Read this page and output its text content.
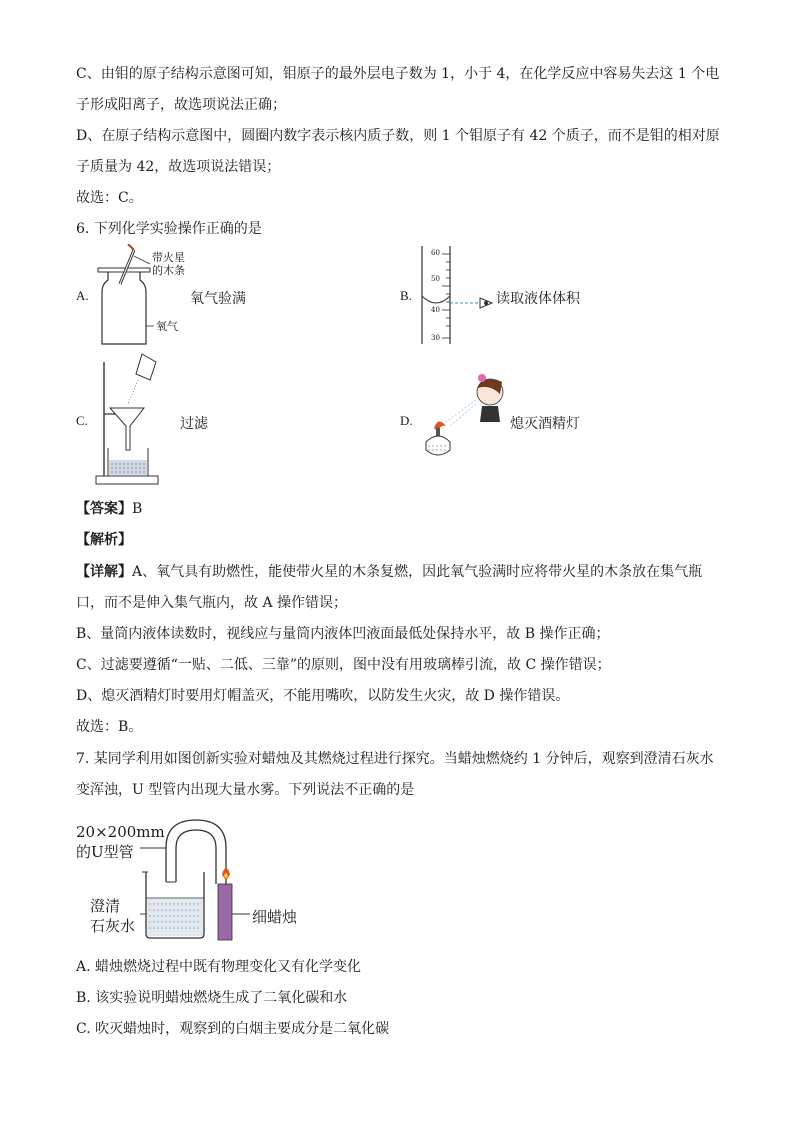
C、由钼的原子结构示意图可知，钼原子的最外层电子数为 1，小于 4，在化学反应中容易失去这 1 个电
子形成阳离子，故选项说法正确；
D、在原子结构示意图中，圆圈内数字表示核内质子数，则 1 个钼原子有 42 个质子，而不是钼的相对原
子质量为 42，故选项说法错误；
故选：C。
6. 下列化学实验操作正确的是
A.
带火星
的木条
氧气
氧气验满	B.
60
50
40
30
读取液体体积
C.	过滤	D.	熄灭酒精灯
【答案】B
【解析】
【详解】A、氧气具有助燃性，能使带火星的木条复燃，因此氧气验满时应将带火星的木条放在集气瓶
口，而不是伸入集气瓶内，故 A 操作错误；
B、量筒内液体读数时，视线应与量筒内液体凹液面最低处保持水平，故 B 操作正确；
C、过滤要遵循“一贴、二低、三靠”的原则，图中没有用玻璃棒引流，故 C 操作错误；
D、熄灭酒精灯时要用灯帽盖灭，不能用嘴吹，以防发生火灾，故 D 操作错误。
故选：B。
7. 某同学利用如图创新实验对蜡烛及其燃烧过程进行探究。当蜡烛燃烧约 1 分钟后，观察到澄清石灰水
变浑浊，U 型管内出现大量水雾。下列说法不正确的是
20×200mm
的U型管
澄清
石灰水	细蜡烛
A. 蜡烛燃烧过程中既有物理变化又有化学变化
B. 该实验说明蜡烛燃烧生成了二氧化碳和水
C. 吹灭蜡烛时，观察到的白烟主要成分是二氧化碳
